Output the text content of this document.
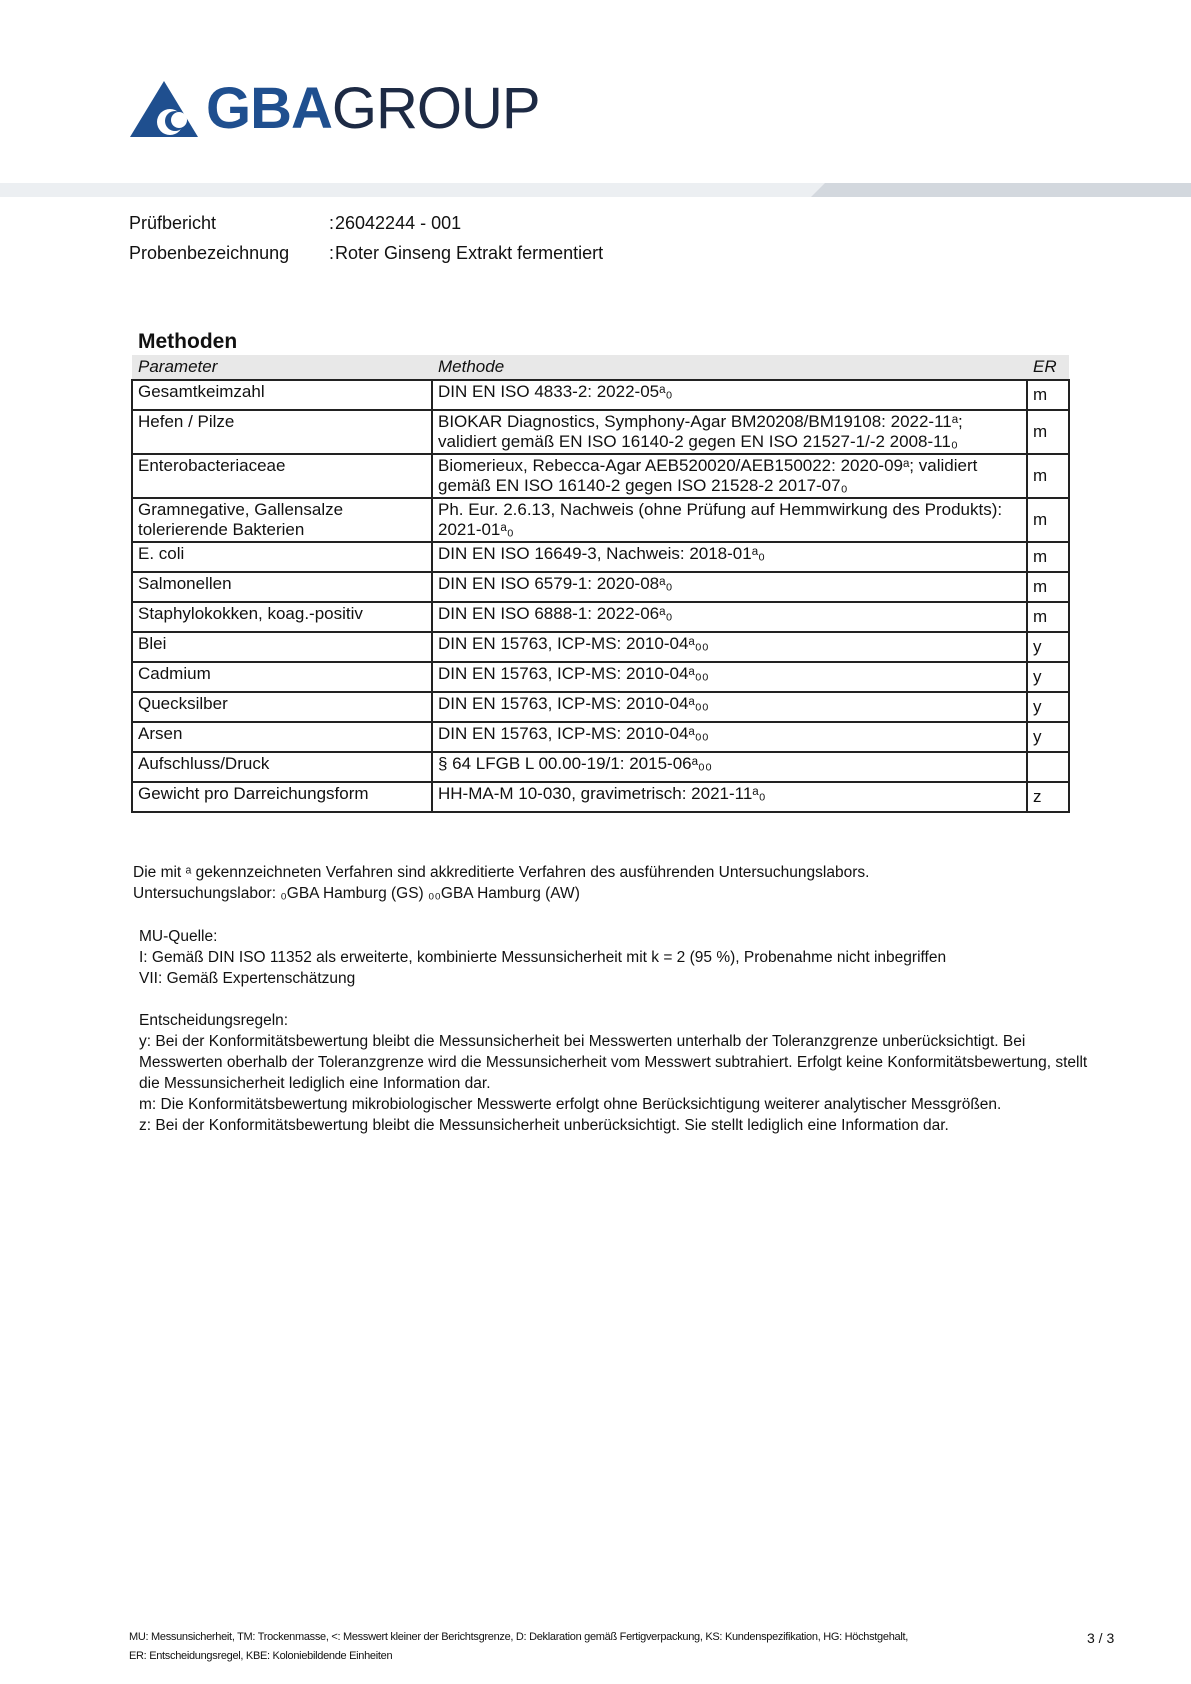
GBAGROUP
Prüfbericht	: 26042244 - 001
Probenbezeichnung	: Roter Ginseng Extrakt fermentiert
Methoden
Parameter	Methode	ER
Gesamtkeimzahl	DIN EN ISO 4833-2: 2022-05ᵃ₀	m
Hefen / Pilze	BIOKAR Diagnostics, Symphony-Agar BM20208/BM19108: 2022-11ᵃ; validiert gemäß EN ISO 16140-2 gegen EN ISO 21527-1/-2 2008-11₀	m
Enterobacteriaceae	Biomerieux, Rebecca-Agar AEB520020/AEB150022: 2020-09ᵃ; validiert gemäß EN ISO 16140-2 gegen ISO 21528-2 2017-07₀	m
Gramnegative, Gallensalze tolerierende Bakterien	Ph. Eur. 2.6.13, Nachweis (ohne Prüfung auf Hemmwirkung des Produkts): 2021-01ᵃ₀	m
E. coli	DIN EN ISO 16649-3, Nachweis: 2018-01ᵃ₀	m
Salmonellen	DIN EN ISO 6579-1: 2020-08ᵃ₀	m
Staphylokokken, koag.-positiv	DIN EN ISO 6888-1: 2022-06ᵃ₀	m
Blei	DIN EN 15763, ICP-MS: 2010-04ᵃ₀₀	y
Cadmium	DIN EN 15763, ICP-MS: 2010-04ᵃ₀₀	y
Quecksilber	DIN EN 15763, ICP-MS: 2010-04ᵃ₀₀	y
Arsen	DIN EN 15763, ICP-MS: 2010-04ᵃ₀₀	y
Aufschluss/Druck	§ 64 LFGB L 00.00-19/1: 2015-06ᵃ₀₀	
Gewicht pro Darreichungsform	HH-MA-M 10-030, gravimetrisch: 2021-11ᵃ₀	z

Die mit ᵃ gekennzeichneten Verfahren sind akkreditierte Verfahren des ausführenden Untersuchungslabors.

Untersuchungslabor: ₀GBA Hamburg (GS) ₀₀GBA Hamburg (AW)

MU-Quelle:

I: Gemäß DIN ISO 11352 als erweiterte, kombinierte Messunsicherheit mit k = 2 (95 %), Probenahme nicht inbegriffen

VII: Gemäß Expertenschätzung

Entscheidungsregeln:

y: Bei der Konformitätsbewertung bleibt die Messunsicherheit bei Messwerten unterhalb der Toleranzgrenze unberücksichtigt. Bei Messwerten oberhalb der Toleranzgrenze wird die Messunsicherheit vom Messwert subtrahiert. Erfolgt keine Konformitätsbewertung, stellt die Messunsicherheit lediglich eine Information dar.

m: Die Konformitätsbewertung mikrobiologischer Messwerte erfolgt ohne Berücksichtigung weiterer analytischer Messgrößen.

z: Bei der Konformitätsbewertung bleibt die Messunsicherheit unberücksichtigt. Sie stellt lediglich eine Information dar.

MU: Messunsicherheit, TM: Trockenmasse, <: Messwert kleiner der Berichtsgrenze, D: Deklaration gemäß Fertigverpackung, KS: Kundenspezifikation, HG: Höchstgehalt,
ER: Entscheidungsregel, KBE: Koloniebildende Einheiten
3 / 3
